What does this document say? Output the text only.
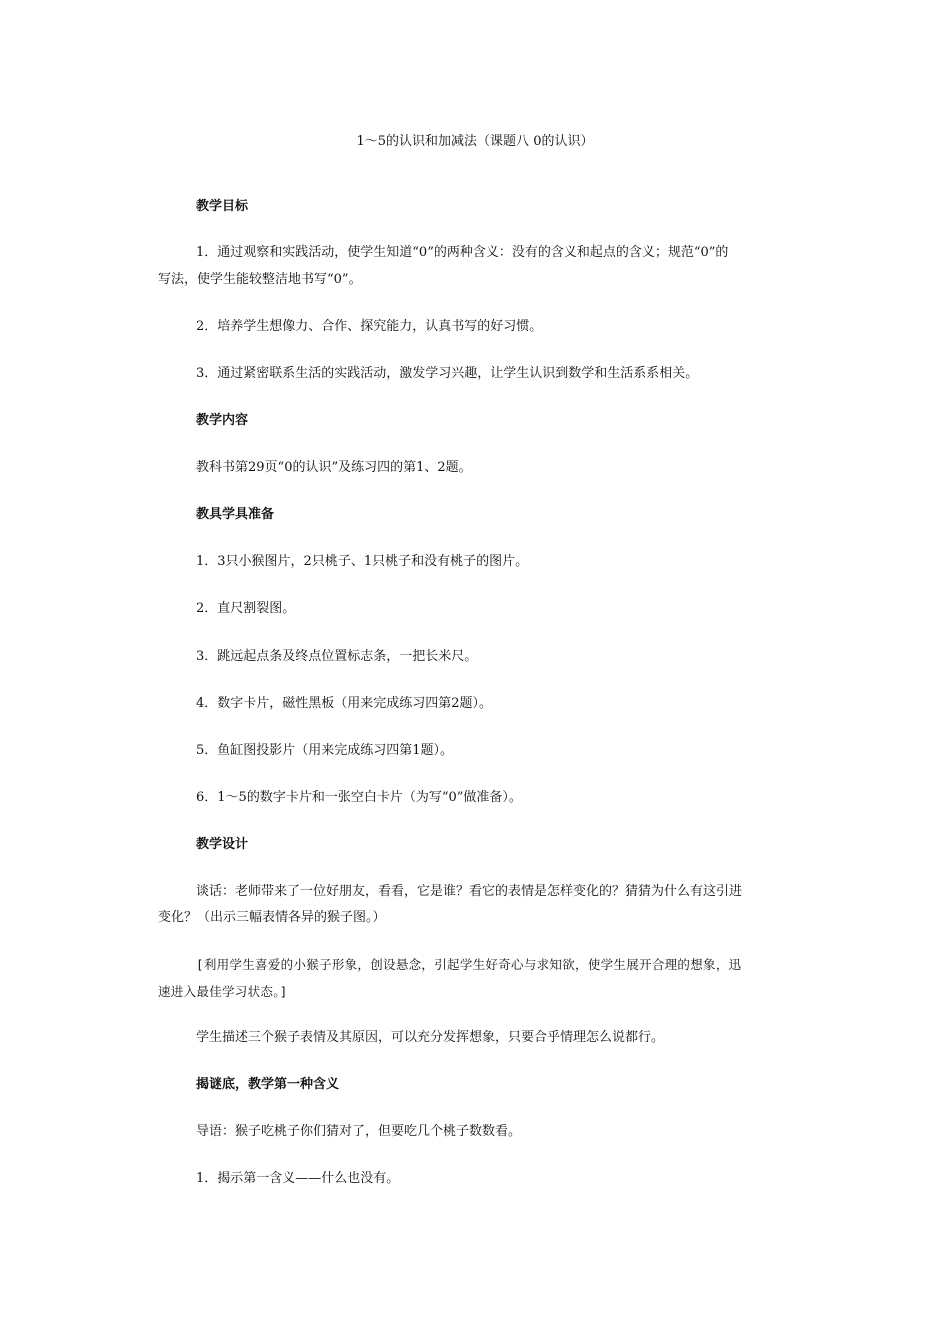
1～5的认识和加减法（课题八 0的认识）
教学目标
1．通过观察和实践活动，使学生知道“0”的两种含义：没有的含义和起点的含义；规范“0”的
写法，使学生能较整洁地书写“0”。
2．培养学生想像力、合作、探究能力，认真书写的好习惯。
3．通过紧密联系生活的实践活动，激发学习兴趣，让学生认识到数学和生活系系相关。
教学内容
教科书第29页“0的认识”及练习四的第1、2题。
教具学具准备
1．3只小猴图片，2只桃子、1只桃子和没有桃子的图片。
2．直尺割裂图。
3．跳远起点条及终点位置标志条，一把长米尺。
4．数字卡片，磁性黑板（用来完成练习四第2题）。
5．鱼缸图投影片（用来完成练习四第1题）。
6．1～5的数字卡片和一张空白卡片（为写“0”做准备）。
教学设计
谈话：老师带来了一位好朋友，看看，它是谁？看它的表情是怎样变化的？猜猜为什么有这引进
变化？（出示三幅表情各异的猴子图。）
[利用学生喜爱的小猴子形象，创设悬念，引起学生好奇心与求知欲，使学生展开合理的想象，迅
速进入最佳学习状态。]
学生描述三个猴子表情及其原因，可以充分发挥想象，只要合乎情理怎么说都行。
揭谜底，教学第一种含义
导语：猴子吃桃子你们猜对了，但要吃几个桃子数数看。
1．揭示第一含义——什么也没有。
